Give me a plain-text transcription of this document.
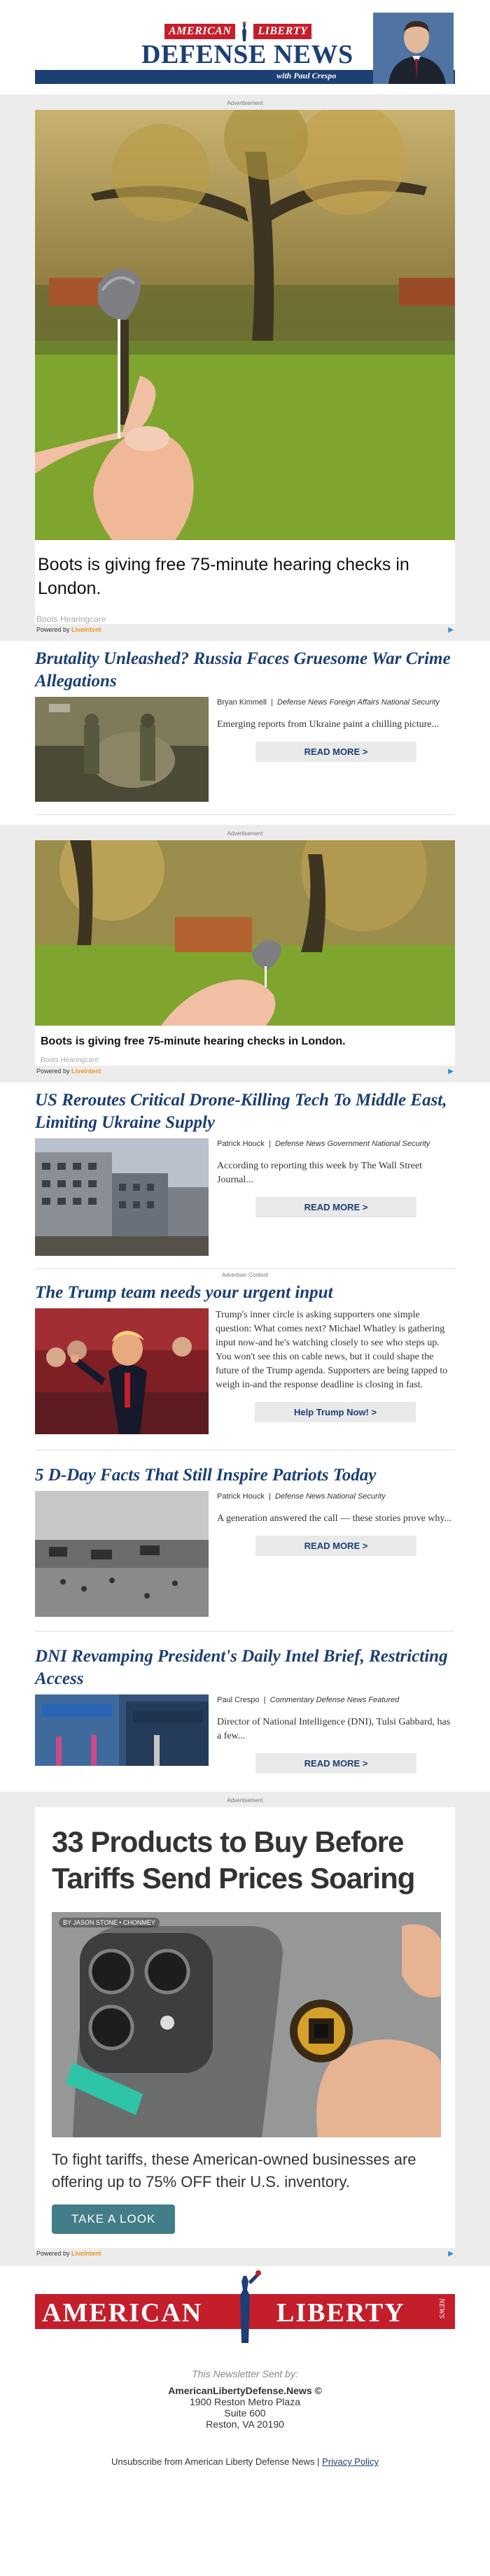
AMERICAN	LIBERTY
DEFENSE NEWS
with Paul Crespo
Advertisement
Boots is giving free 75-minute hearing checks in London.
Boots Hearingcare
Powered by LiveIntent	▶
Brutality Unleashed? Russia Faces Gruesome War Crime Allegations
Bryan Kimmell  |  Defense News Foreign Affairs National Security
Emerging reports from Ukraine paint a chilling picture...
READ MORE >
Advertisement
Boots is giving free 75-minute hearing checks in London.
Boots Hearingcare
Powered by LiveIntent	▶
US Reroutes Critical Drone-Killing Tech To Middle East, Limiting Ukraine Supply
Patrick Houck  |  Defense News Government National Security
According to reporting this week by The Wall Street Journal...
READ MORE >
Advertiser Content
The Trump team needs your urgent input
Trump's inner circle is asking supporters one simple question: What comes next? Michael Whatley is gathering input now-and he's watching closely to see who steps up. You won't see this on cable news, but it could shape the future of the Trump agenda. Supporters are being tapped to weigh in-and the response deadline is closing in fast.
Help Trump Now! >
5 D-Day Facts That Still Inspire Patriots Today
Patrick Houck  |  Defense News National Security
A generation answered the call — these stories prove why...
READ MORE >
DNI Revamping President's Daily Intel Brief, Restricting Access
Paul Crespo  |  Commentary Defense News Featured
Director of National Intelligence (DNI), Tulsi Gabbard, has a few...
READ MORE >
Advertisement
33 Products to Buy Before Tariffs Send Prices Soaring
BY JASON STONE • CHONMEY
To fight tariffs, these American-owned businesses are offering up to 75% OFF their U.S. inventory.
TAKE A LOOK
Powered by LiveIntent	▶
AMERICAN	LIBERTY	NEWS
This Newsletter Sent by:
AmericanLibertyDefense.News ©
1900 Reston Metro Plaza
Suite 600
Reston, VA 20190
Unsubscribe from American Liberty Defense News | Privacy Policy
